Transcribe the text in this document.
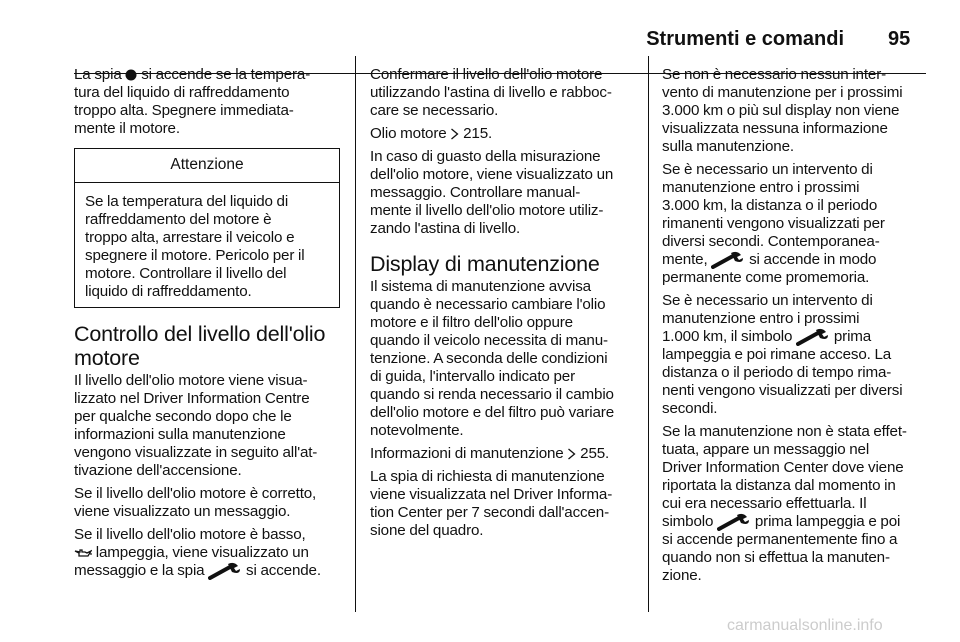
Strumenti e comandi 95

La spia si accende se la tempera-
tura del liquido di raffreddamento
troppo alta. Spegnere immediata-
mente il motore.

Attenzione

Se la temperatura del liquido di
raffreddamento del motore è
troppo alta, arrestare il veicolo e
spegnere il motore. Pericolo per il
motore. Controllare il livello del
liquido di raffreddamento.

Controllo del livello dell'olio
motore

Il livello dell'olio motore viene visua-
lizzato nel Driver Information Centre
per qualche secondo dopo che le
informazioni sulla manutenzione
vengono visualizzate in seguito all'at-
tivazione dell'accensione.

Se il livello dell'olio motore è corretto,
viene visualizzato un messaggio.

Se il livello dell'olio motore è basso,
lampeggia, viene visualizzato un
messaggio e la spia	si accende.

Confermare il livello dell'olio motore
utilizzando l'astina di livello e rabboc-
care se necessario.

Olio motore 215.

In caso di guasto della misurazione
dell'olio motore, viene visualizzato un
messaggio. Controllare manual-
mente il livello dell'olio motore utiliz-
zando l'astina di livello.

Display di manutenzione

Il sistema di manutenzione avvisa
quando è necessario cambiare l'olio
motore e il filtro dell'olio oppure
quando il veicolo necessita di manu-
tenzione. A seconda delle condizioni
di guida, l'intervallo indicato per
quando si renda necessario il cambio
dell'olio motore e del filtro può variare
notevolmente.

Informazioni di manutenzione 255.

La spia di richiesta di manutenzione
viene visualizzata nel Driver Informa-
tion Center per 7 secondi dall'accen-
sione del quadro.

Se non è necessario nessun inter-
vento di manutenzione per i prossimi
3.000 km o più sul display non viene
visualizzata nessuna informazione
sulla manutenzione.

Se è necessario un intervento di
manutenzione entro i prossimi
3.000 km, la distanza o il periodo
rimanenti vengono visualizzati per
diversi secondi. Contemporanea-
mente,	si accende in modo
permanente come promemoria.

Se è necessario un intervento di
manutenzione entro i prossimi
1.000 km, il simbolo	prima
lampeggia e poi rimane acceso. La
distanza o il periodo di tempo rima-
nenti vengono visualizzati per diversi
secondi.

Se la manutenzione non è stata effet-
tuata, appare un messaggio nel
Driver Information Center dove viene
riportata la distanza dal momento in
cui era necessario effettuarla. Il
simbolo	prima lampeggia e poi
si accende permanentemente fino a
quando non si effettua la manuten-
zione.

carmanualsonline.info
